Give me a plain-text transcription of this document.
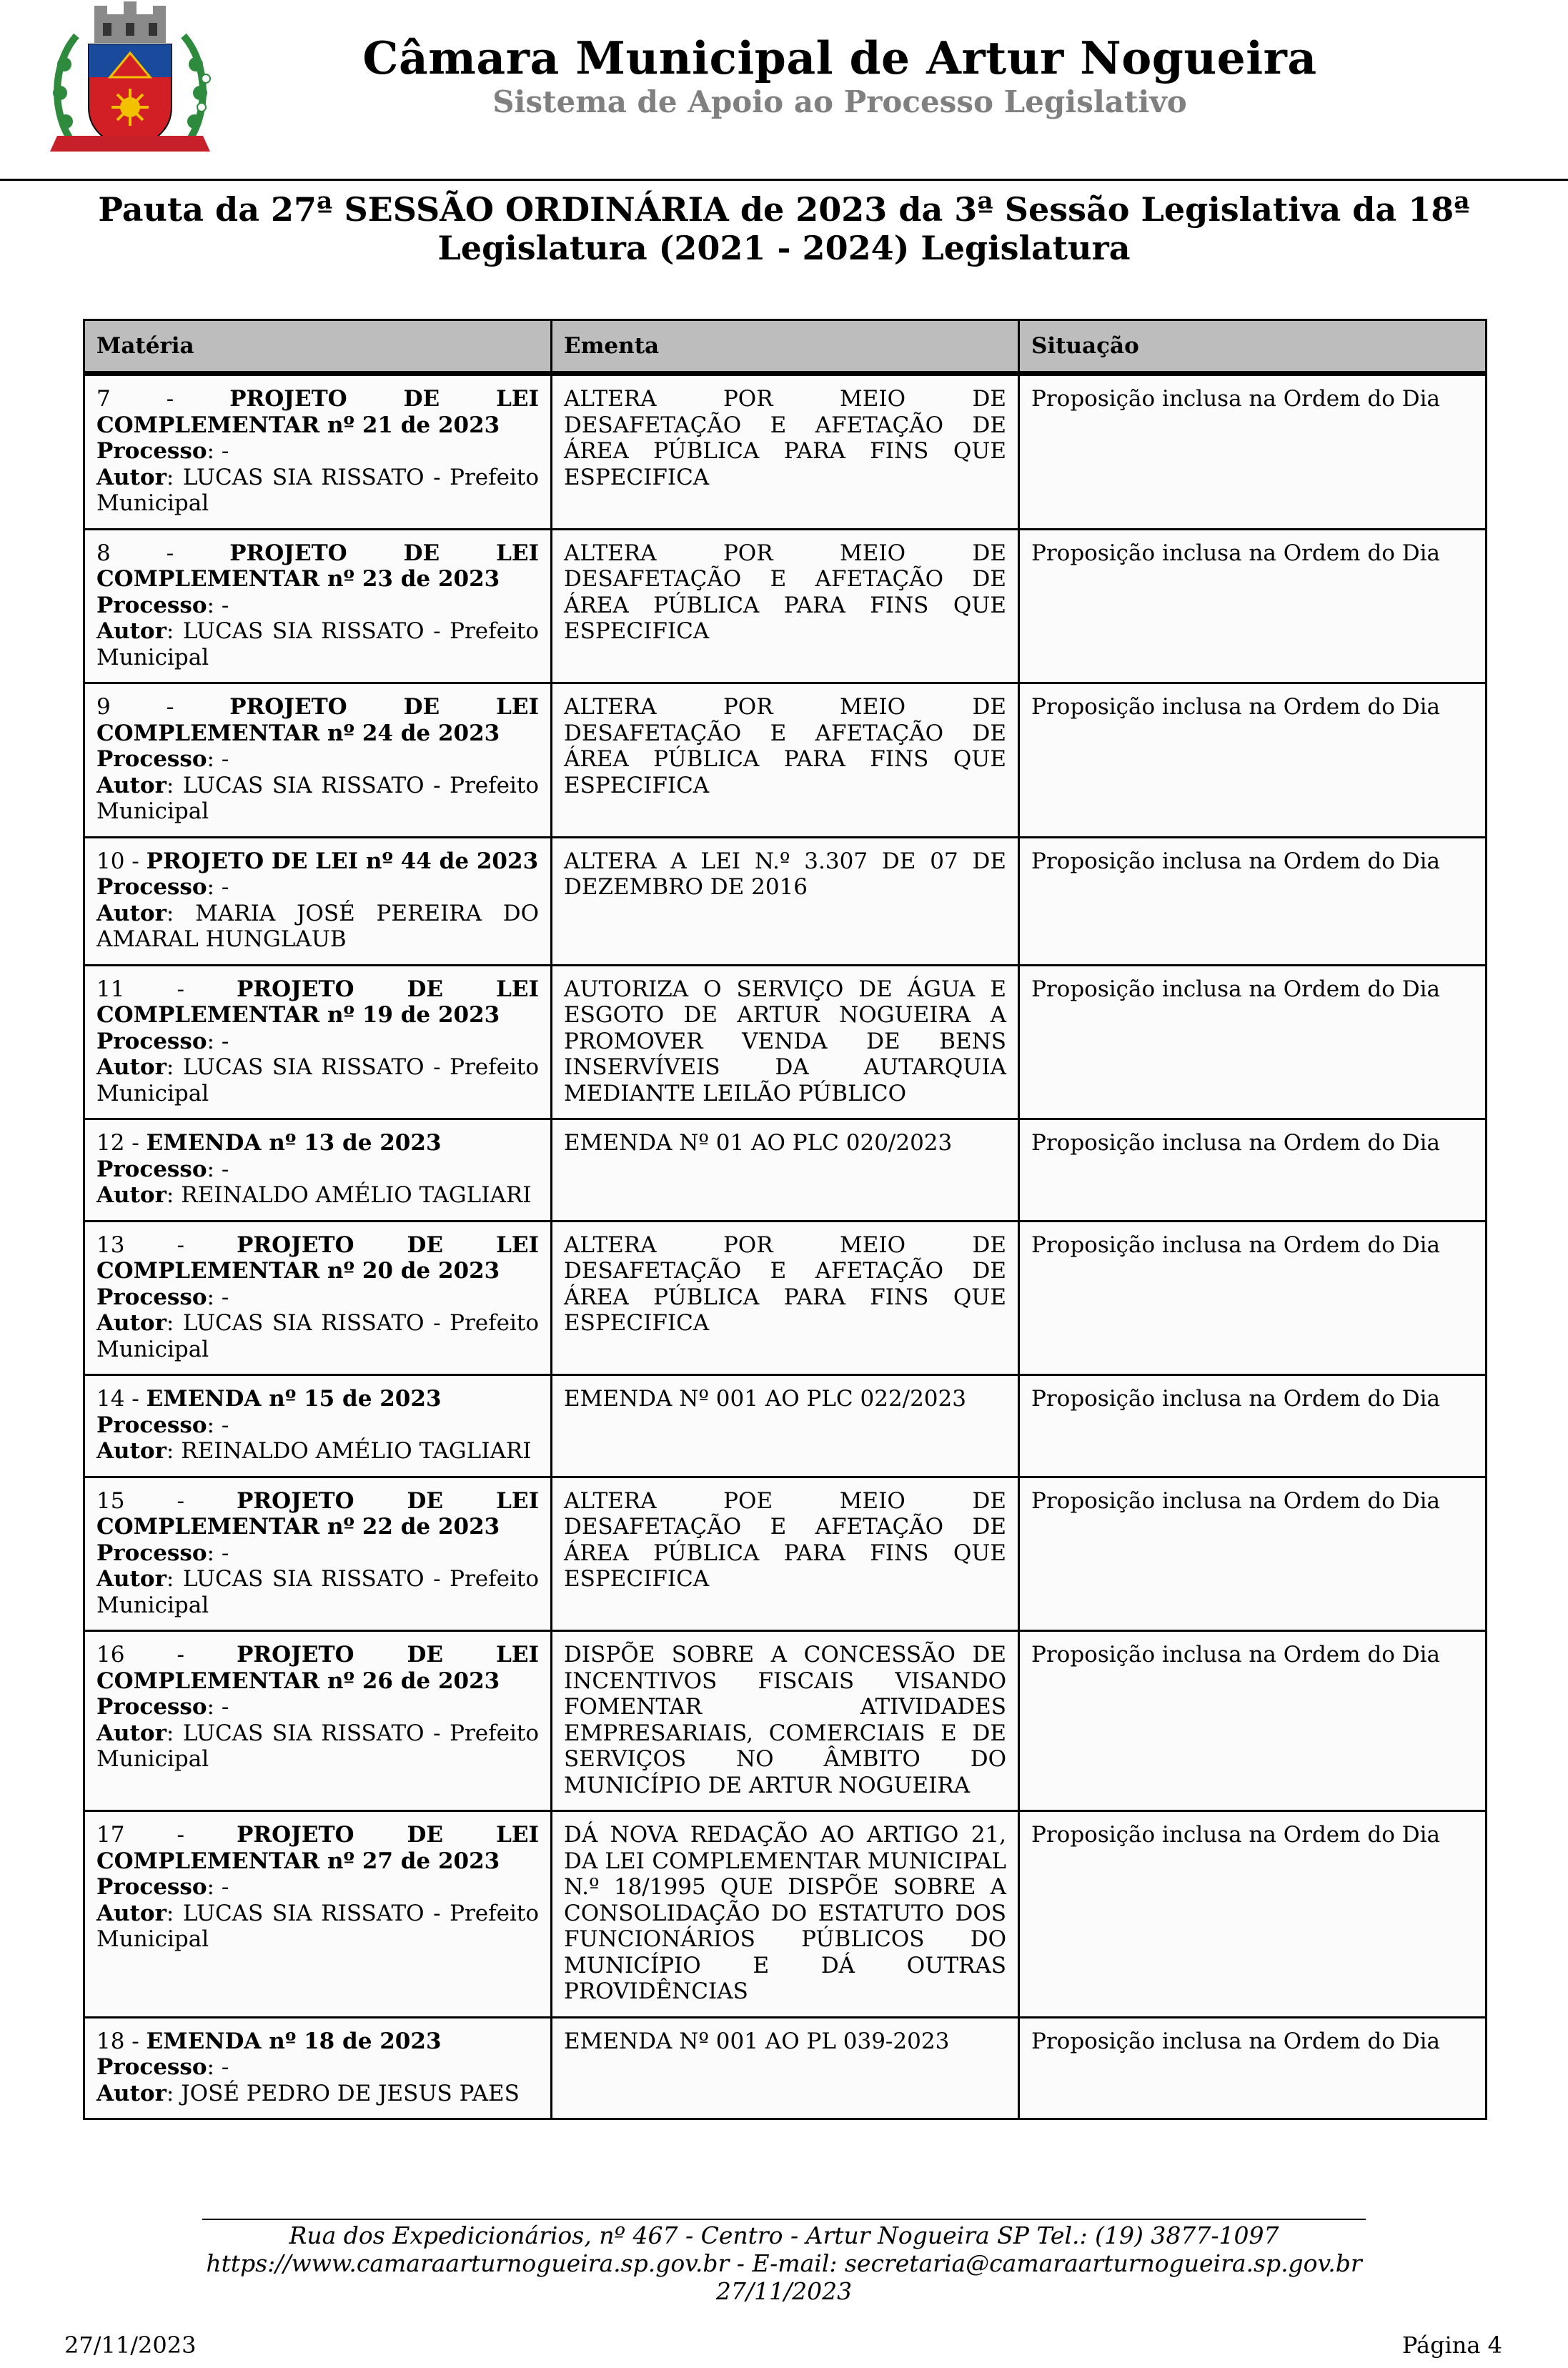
Câmara Municipal de Artur Nogueira
Sistema de Apoio ao Processo Legislativo
Pauta da 27ª SESSÃO ORDINÁRIA de 2023 da 3ª Sessão Legislativa da 18ª Legislatura (2021 - 2024) Legislatura
Matéria	Ementa	Situação
7 - PROJETO DE LEI COMPLEMENTAR nº 21 de 2023
Processo: -
Autor: LUCAS SIA RISSATO - Prefeito Municipal	ALTERA POR MEIO DE DESAFETAÇÃO E AFETAÇÃO DE ÁREA PÚBLICA PARA FINS QUE ESPECIFICA	Proposição inclusa na Ordem do Dia
8 - PROJETO DE LEI COMPLEMENTAR nº 23 de 2023
Processo: -
Autor: LUCAS SIA RISSATO - Prefeito Municipal	ALTERA POR MEIO DE DESAFETAÇÃO E AFETAÇÃO DE ÁREA PÚBLICA PARA FINS QUE ESPECIFICA	Proposição inclusa na Ordem do Dia
9 - PROJETO DE LEI COMPLEMENTAR nº 24 de 2023
Processo: -
Autor: LUCAS SIA RISSATO - Prefeito Municipal	ALTERA POR MEIO DE DESAFETAÇÃO E AFETAÇÃO DE ÁREA PÚBLICA PARA FINS QUE ESPECIFICA	Proposição inclusa na Ordem do Dia
10 - PROJETO DE LEI nº 44 de 2023
Processo: -
Autor: MARIA JOSÉ PEREIRA DO AMARAL HUNGLAUB	ALTERA A LEI N.º 3.307 DE 07 DE DEZEMBRO DE 2016	Proposição inclusa na Ordem do Dia
11 - PROJETO DE LEI COMPLEMENTAR nº 19 de 2023
Processo: -
Autor: LUCAS SIA RISSATO - Prefeito Municipal	AUTORIZA O SERVIÇO DE ÁGUA E ESGOTO DE ARTUR NOGUEIRA A PROMOVER VENDA DE BENS INSERVÍVEIS DA AUTARQUIA MEDIANTE LEILÃO PÚBLICO	Proposição inclusa na Ordem do Dia
12 - EMENDA nº 13 de 2023
Processo: -
Autor: REINALDO AMÉLIO TAGLIARI	EMENDA Nº 01 AO PLC 020/2023	Proposição inclusa na Ordem do Dia
13 - PROJETO DE LEI COMPLEMENTAR nº 20 de 2023
Processo: -
Autor: LUCAS SIA RISSATO - Prefeito Municipal	ALTERA POR MEIO DE DESAFETAÇÃO E AFETAÇÃO DE ÁREA PÚBLICA PARA FINS QUE ESPECIFICA	Proposição inclusa na Ordem do Dia
14 - EMENDA nº 15 de 2023
Processo: -
Autor: REINALDO AMÉLIO TAGLIARI	EMENDA Nº 001 AO PLC 022/2023	Proposição inclusa na Ordem do Dia
15 - PROJETO DE LEI COMPLEMENTAR nº 22 de 2023
Processo: -
Autor: LUCAS SIA RISSATO - Prefeito Municipal	ALTERA POE MEIO DE DESAFETAÇÃO E AFETAÇÃO DE ÁREA PÚBLICA PARA FINS QUE ESPECIFICA	Proposição inclusa na Ordem do Dia
16 - PROJETO DE LEI COMPLEMENTAR nº 26 de 2023
Processo: -
Autor: LUCAS SIA RISSATO - Prefeito Municipal	DISPÕE SOBRE A CONCESSÃO DE INCENTIVOS FISCAIS VISANDO FOMENTAR ATIVIDADES EMPRESARIAIS, COMERCIAIS E DE SERVIÇOS NO ÂMBITO DO MUNICÍPIO DE ARTUR NOGUEIRA	Proposição inclusa na Ordem do Dia
17 - PROJETO DE LEI COMPLEMENTAR nº 27 de 2023
Processo: -
Autor: LUCAS SIA RISSATO - Prefeito Municipal	DÁ NOVA REDAÇÃO AO ARTIGO 21, DA LEI COMPLEMENTAR MUNICIPAL N.º 18/1995 QUE DISPÕE SOBRE A CONSOLIDAÇÃO DO ESTATUTO DOS FUNCIONÁRIOS PÚBLICOS DO MUNICÍPIO E DÁ OUTRAS PROVIDÊNCIAS	Proposição inclusa na Ordem do Dia
18 - EMENDA nº 18 de 2023
Processo: -
Autor: JOSÉ PEDRO DE JESUS PAES	EMENDA Nº 001 AO PL 039-2023	Proposição inclusa na Ordem do Dia
Rua dos Expedicionários, nº 467 - Centro - Artur Nogueira SP Tel.: (19) 3877-1097 https://www.camaraarturnogueira.sp.gov.br - E-mail: secretaria@camaraarturnogueira.sp.gov.br
27/11/2023
27/11/2023	Página 4
